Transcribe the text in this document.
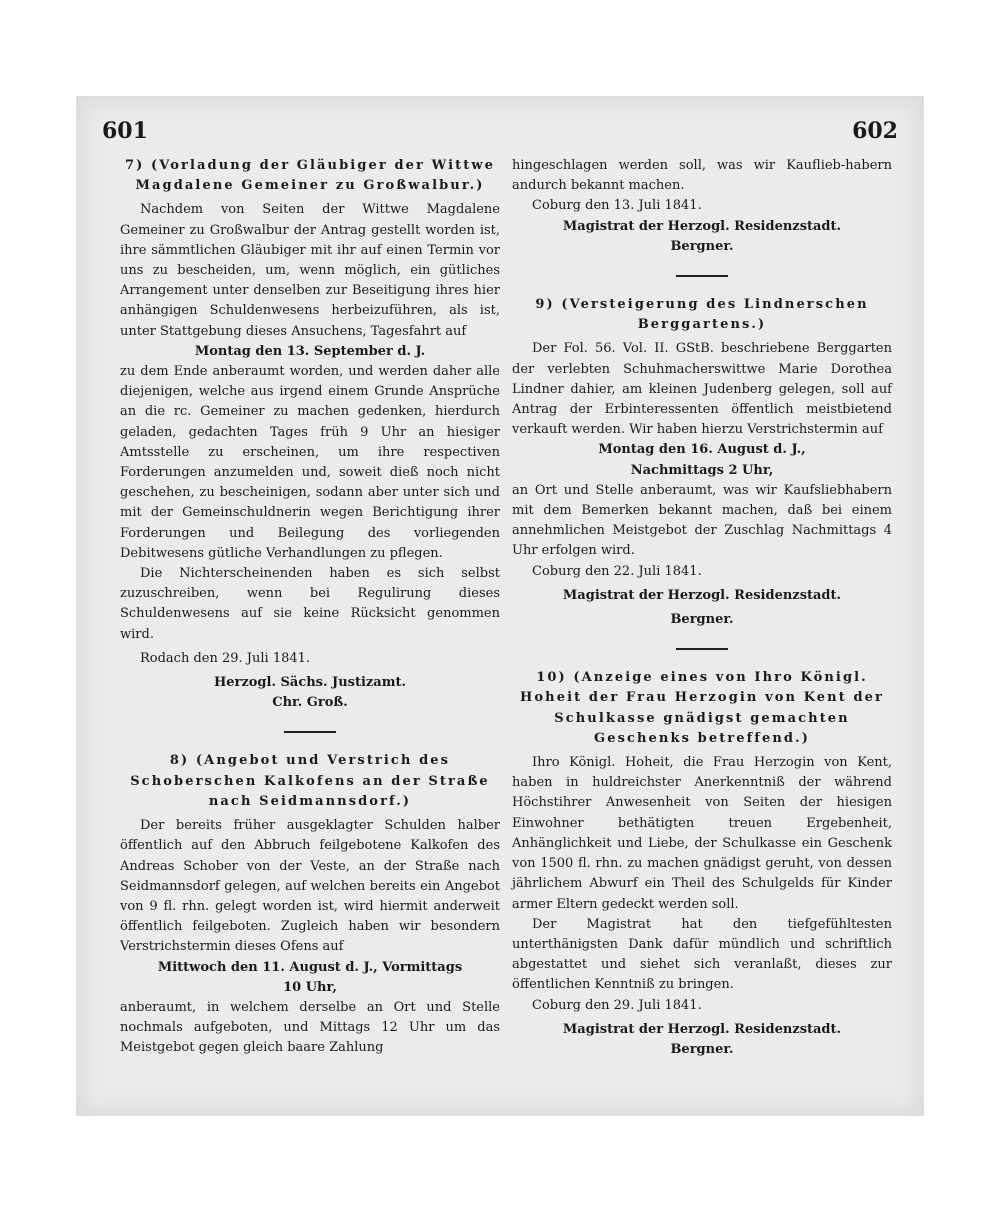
601	602

7) (Vorladung der Gläubiger der Wittwe Magdalene Gemeiner zu Großwalbur.)

Nachdem von Seiten der Wittwe Magdalene Gemeiner zu Großwalbur der Antrag gestellt worden ist, ihre sämmtlichen Gläubiger mit ihr auf einen Termin vor uns zu bescheiden, um, wenn möglich, ein gütliches Arrangement unter denselben zur Beseitigung ihres hier anhängigen Schuldenwesens herbeizuführen, als ist, unter Stattgebung dieses Ansuchens, Tagesfahrt auf

Montag den 13. September d. J.

zu dem Ende anberaumt worden, und werden daher alle diejenigen, welche aus irgend einem Grunde Ansprüche an die rc. Gemeiner zu machen gedenken, hierdurch geladen, gedachten Tages früh 9 Uhr an hiesiger Amtsstelle zu erscheinen, um ihre respectiven Forderungen anzumelden und, soweit dieß noch nicht geschehen, zu bescheinigen, sodann aber unter sich und mit der Gemeinschuldnerin wegen Berichtigung ihrer Forderungen und Beilegung des vorliegenden Debitwesens gütliche Verhandlungen zu pflegen.

Die Nichterscheinenden haben es sich selbst zuzuschreiben, wenn bei Regulirung dieses Schuldenwesens auf sie keine Rücksicht genommen wird.

Rodach den 29. Juli 1841.

Herzogl. Sächs. Justizamt.

Chr. Groß.

8) (Angebot und Verstrich des Schoberschen Kalkofens an der Straße nach Seidmannsdorf.)

Der bereits früher ausgeklagter Schulden halber öffentlich auf den Abbruch feilgebotene Kalkofen des Andreas Schober von der Veste, an der Straße nach Seidmannsdorf gelegen, auf welchen bereits ein Angebot von 9 fl. rhn. gelegt worden ist, wird hiermit anderweit öffentlich feilgeboten. Zugleich haben wir besondern Verstrichstermin dieses Ofens auf

Mittwoch den 11. August d. J., Vormittags

10 Uhr,

anberaumt, in welchem derselbe an Ort und Stelle nochmals aufgeboten, und Mittags 12 Uhr um das Meistgebot gegen gleich baare Zahlung

hingeschlagen werden soll, was wir Kauflieb-habern andurch bekannt machen.

Coburg den 13. Juli 1841.

Magistrat der Herzogl. Residenzstadt.

Bergner.

9) (Versteigerung des Lindnerschen Berggartens.)

Der Fol. 56. Vol. II. GStB. beschriebene Berggarten der verlebten Schuhmacherswittwe Marie Dorothea Lindner dahier, am kleinen Judenberg gelegen, soll auf Antrag der Erbinteressenten öffentlich meistbietend verkauft werden. Wir haben hierzu Verstrichstermin auf

Montag den 16. August d. J.,

Nachmittags 2 Uhr,

an Ort und Stelle anberaumt, was wir Kaufsliebhabern mit dem Bemerken bekannt machen, daß bei einem annehmlichen Meistgebot der Zuschlag Nachmittags 4 Uhr erfolgen wird.

Coburg den 22. Juli 1841.

Magistrat der Herzogl. Residenzstadt.

Bergner.

10) (Anzeige eines von Ihro Königl. Hoheit der Frau Herzogin von Kent der Schulkasse gnädigst gemachten Geschenks betreffend.)

Ihro Königl. Hoheit, die Frau Herzogin von Kent, haben in huldreichster Anerkenntniß der während Höchstihrer Anwesenheit von Seiten der hiesigen Einwohner bethätigten treuen Ergebenheit, Anhänglichkeit und Liebe, der Schulkasse ein Geschenk von 1500 fl. rhn. zu machen gnädigst geruht, von dessen jährlichem Abwurf ein Theil des Schulgelds für Kinder armer Eltern gedeckt werden soll.

Der Magistrat hat den tiefgefühltesten unterthänigsten Dank dafür mündlich und schriftlich abgestattet und siehet sich veranlaßt, dieses zur öffentlichen Kenntniß zu bringen.

Coburg den 29. Juli 1841.

Magistrat der Herzogl. Residenzstadt.

Bergner.
